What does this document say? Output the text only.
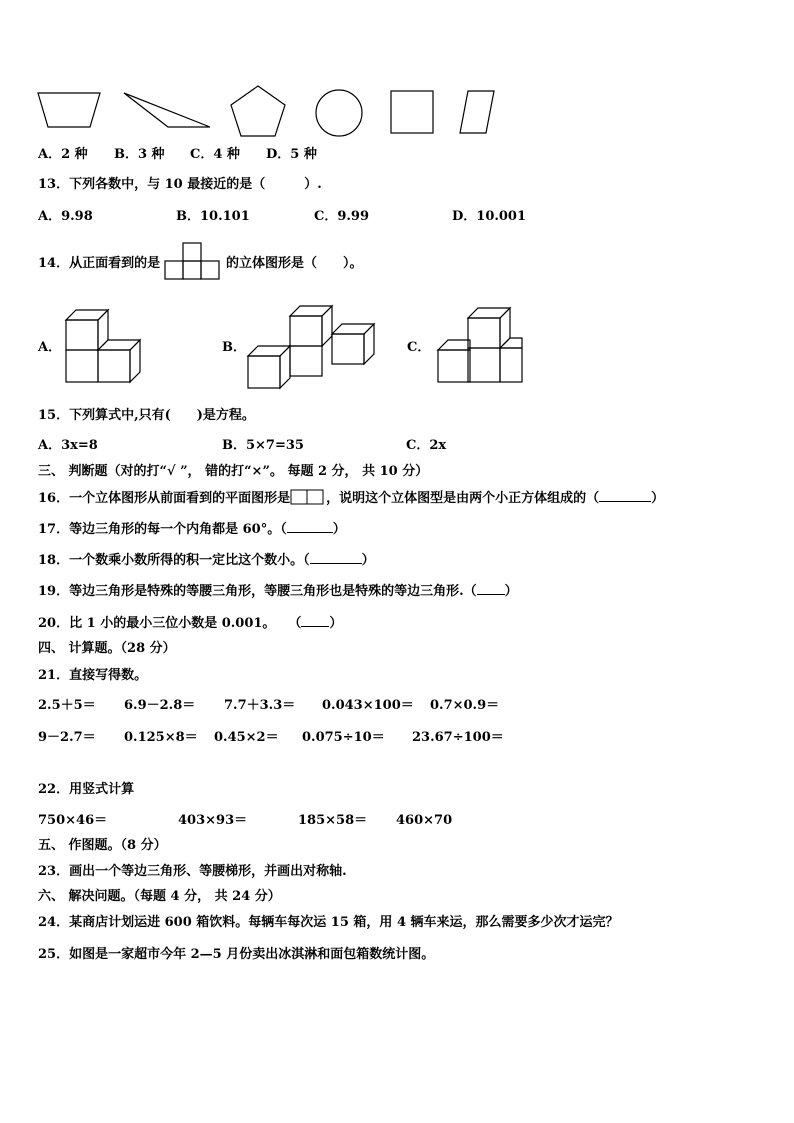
A．2 种 B．3 种 C．4 种 D．5 种
13．下列各数中，与 10 最接近的是（　　　）.
A．9.98	B．10.101	C．9.99	D．10.001
14．从正面看到的是	的立体图形是（　　）。
A．	B．	C．
15．下列算式中,只有(　　)是方程。
A．3x=8	B．5×7=35	C．2x
三、 判断题（对的打“√ ”， 错的打“×”。 每题 2 分， 共 10 分）
16．一个立体图形从前面看到的平面图形是	，说明这个立体图型是由两个小正方体组成的（	）
17．等边三角形的每一个内角都是 60°。（	）
18．一个数乘小数所得的积一定比这个数小。（	）
19．等边三角形是特殊的等腰三角形，等腰三角形也是特殊的等边三角形.（ ）
20．比 1 小的最小三位小数是 0.001。　　（ ）
四、 计算题。（28 分）
21．直接写得数。
2.5＋5＝ 6.9－2.8＝ 7.7＋3.3＝ 0.043×100＝ 0.7×0.9＝
9－2.7＝ 0.125×8＝ 0.45×2＝ 0.075÷10＝ 23.67÷100＝
22．用竖式计算
750×46＝	403×93＝	185×58＝ 460×70
五、 作图题。（8 分）
23．画出一个等边三角形、等腰梯形，并画出对称轴.
六、 解决问题。（每题 4 分， 共 24 分）
24．某商店计划运进 600 箱饮料。每辆车每次运 15 箱，用 4 辆车来运，那么需要多少次才运完？
25．如图是一家超市今年 2—5 月份卖出冰淇淋和面包箱数统计图。
